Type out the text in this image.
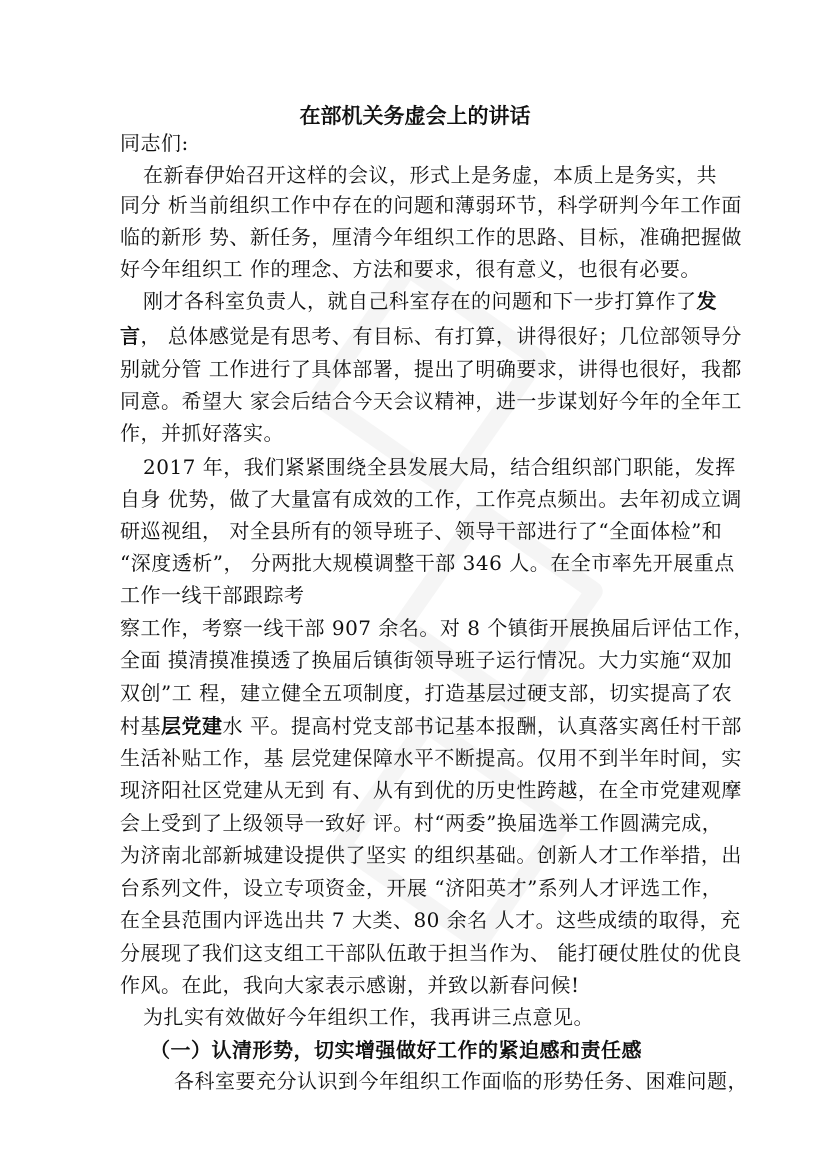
在部机关务虚会上的讲话
同志们:
在新春伊始召开这样的会议，形式上是务虚，本质上是务实，共
同分 析当前组织工作中存在的问题和薄弱环节，科学研判今年工作面
临的新形 势、新任务，厘清今年组织工作的思路、目标，准确把握做
好今年组织工 作的理念、方法和要求，很有意义，也很有必要。
刚才各科室负责人，就自己科室存在的问题和下一步打算作了发
言， 总体感觉是有思考、有目标、有打算，讲得很好；几位部领导分
别就分管 工作进行了具体部署，提出了明确要求，讲得也很好，我都
同意。希望大 家会后结合今天会议精神，进一步谋划好今年的全年工
作，并抓好落实。
2017 年，我们紧紧围绕全县发展大局，结合组织部门职能，发挥
自身 优势，做了大量富有成效的工作，工作亮点频出。去年初成立调
研巡视组， 对全县所有的领导班子、领导干部进行了“全面体检”和
“深度透析”， 分两批大规模调整干部 346 人。在全市率先开展重点
工作一线干部跟踪考
察工作，考察一线干部 907 余名。对 8 个镇街开展换届后评估工作，
全面 摸清摸准摸透了换届后镇街领导班子运行情况。大力实施“双加
双创”工 程，建立健全五项制度，打造基层过硬支部，切实提高了农
村基层党建水 平。提高村党支部书记基本报酬，认真落实离任村干部
生活补贴工作，基 层党建保障水平不断提高。仅用不到半年时间，实
现济阳社区党建从无到 有、从有到优的历史性跨越，在全市党建观摩
会上受到了上级领导一致好 评。村“两委”换届选举工作圆满完成，
为济南北部新城建设提供了坚实 的组织基础。创新人才工作举措，出
台系列文件，设立专项资金，开展 “济阳英才”系列人才评选工作，
在全县范围内评选出共 7 大类、80 余名 人才。这些成绩的取得，充
分展现了我们这支组工干部队伍敢于担当作为、 能打硬仗胜仗的优良
作风。在此，我向大家表示感谢，并致以新春问候!
为扎实有效做好今年组织工作，我再讲三点意见。
（一）认清形势，切实增强做好工作的紧迫感和责任感
各科室要充分认识到今年组织工作面临的形势任务、困难问题，
